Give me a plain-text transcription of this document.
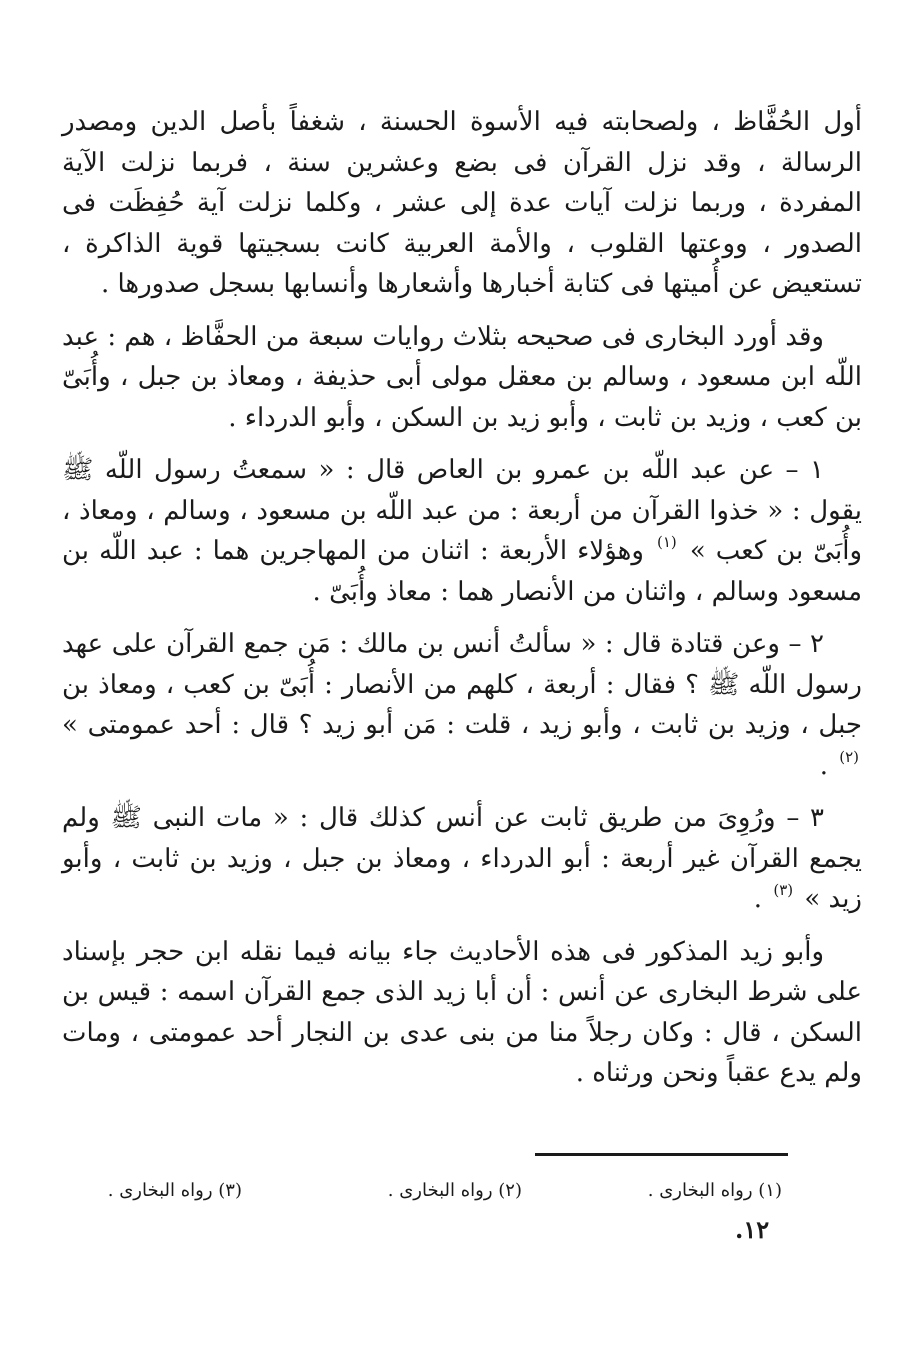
أول الحُفَّاظ ، ولصحابته فيه الأسوة الحسنة ، شغفاً بأصل الدين ومصدر الرسالة ، وقد نزل القرآن فى بضع وعشرين سنة ، فربما نزلت الآية المفردة ، وربما نزلت آيات عدة إلى عشر ، وكلما نزلت آية حُفِظَت فى الصدور ، ووعتها القلوب ، والأمة العربية كانت بسجيتها قوية الذاكرة ، تستعيض عن أُميتها فى كتابة أخبارها وأشعارها وأنسابها بسجل صدورها .

وقد أورد البخارى فى صحيحه بثلاث روايات سبعة من الحفَّاظ ، هم : عبد اللّه ابن مسعود ، وسالم بن معقل مولى أبى حذيفة ، ومعاذ بن جبل ، وأُبَىّ بن كعب ، وزيد بن ثابت ، وأبو زيد بن السكن ، وأبو الدرداء .

١ – عن عبد اللّه بن عمرو بن العاص قال : « سمعتُ رسول اللّه ﷺ يقول : « خذوا القرآن من أربعة : من عبد اللّه بن مسعود ، وسالم ، ومعاذ ، وأُبَىّ بن كعب » $^{(١)}$ وهؤلاء الأربعة : اثنان من المهاجرين هما : عبد اللّه بن مسعود وسالم ، واثنان من الأنصار هما : معاذ وأُبَىّ .

٢ – وعن قتادة قال : « سألتُ أنس بن مالك : مَن جمع القرآن على عهد رسول اللّه ﷺ ؟ فقال : أربعة ، كلهم من الأنصار : أُبَىّ بن كعب ، ومعاذ بن جبل ، وزيد بن ثابت ، وأبو زيد ، قلت : مَن أبو زيد ؟ قال : أحد عمومتى » $^{(٢)}$ .

٣ – ورُوِىَ من طريق ثابت عن أنس كذلك قال : « مات النبى ﷺ ولم يجمع القرآن غير أربعة : أبو الدرداء ، ومعاذ بن جبل ، وزيد بن ثابت ، وأبو زيد » $^{(٣)}$ .

وأبو زيد المذكور فى هذه الأحاديث جاء بيانه فيما نقله ابن حجر بإسناد على شرط البخارى عن أنس : أن أبا زيد الذى جمع القرآن اسمه : قيس بن السكن ، قال : وكان رجلاً منا من بنى عدى بن النجار أحد عمومتى ، ومات ولم يدع عقباً ونحن ورثناه .

(١) رواه البخارى .
(٢) رواه البخارى .
(٣) رواه البخارى .
١٢.
